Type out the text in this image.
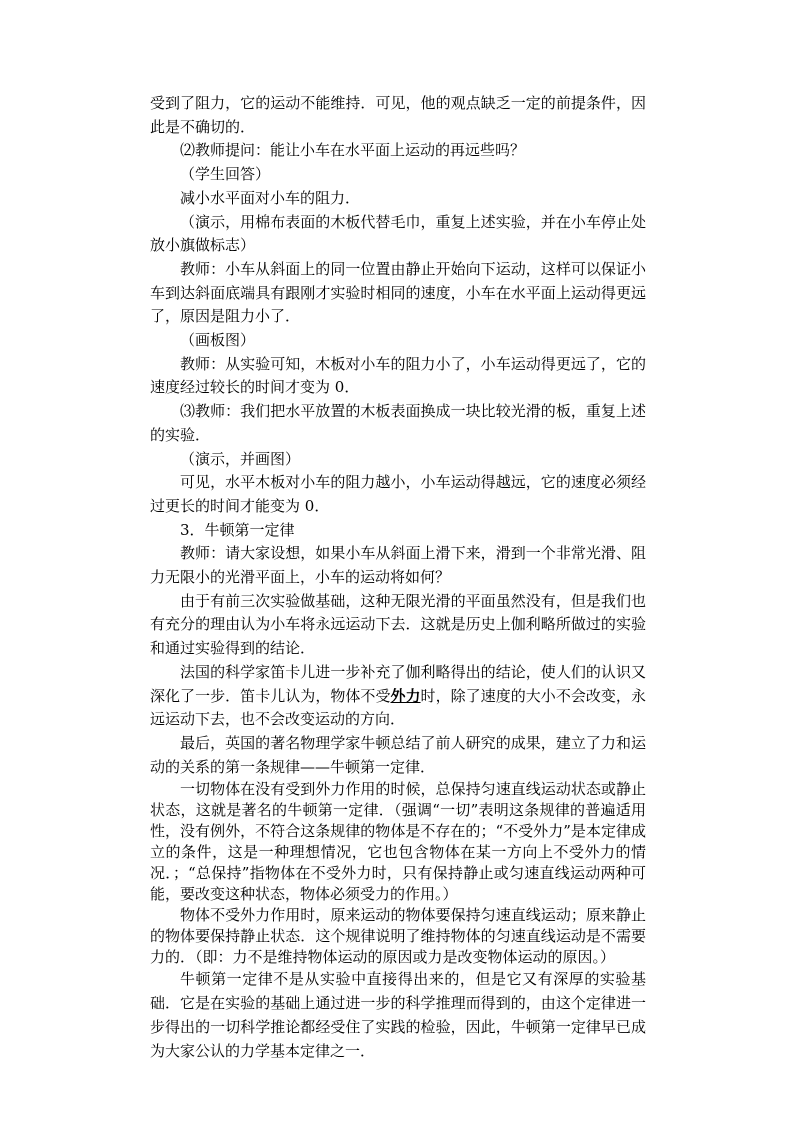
受到了阻力，它的运动不能维持．可见，他的观点缺乏一定的前提条件，因此是不确切的．

⑵教师提问：能让小车在水平面上运动的再远些吗？

（学生回答）

减小水平面对小车的阻力．

（演示，用棉布表面的木板代替毛巾，重复上述实验，并在小车停止处放小旗做标志）

教师：小车从斜面上的同一位置由静止开始向下运动，这样可以保证小车到达斜面底端具有跟刚才实验时相同的速度，小车在水平面上运动得更远了，原因是阻力小了．

（画板图）

教师：从实验可知，木板对小车的阻力小了，小车运动得更远了，它的速度经过较长的时间才变为 0．

⑶教师：我们把水平放置的木板表面换成一块比较光滑的板，重复上述的实验．

（演示，并画图）

可见，水平木板对小车的阻力越小，小车运动得越远，它的速度必须经过更长的时间才能变为 0．

3．牛顿第一定律

教师：请大家设想，如果小车从斜面上滑下来，滑到一个非常光滑、阻力无限小的光滑平面上，小车的运动将如何？

由于有前三次实验做基础，这种无限光滑的平面虽然没有，但是我们也有充分的理由认为小车将永远运动下去．这就是历史上伽利略所做过的实验和通过实验得到的结论．

法国的科学家笛卡儿进一步补充了伽利略得出的结论，使人们的认识又深化了一步．笛卡儿认为，物体不受外力时，除了速度的大小不会改变，永远运动下去，也不会改变运动的方向．

最后，英国的著名物理学家牛顿总结了前人研究的成果，建立了力和运动的关系的第一条规律——牛顿第一定律．

一切物体在没有受到外力作用的时候，总保持匀速直线运动状态或静止状态，这就是著名的牛顿第一定律．（强调“一切”表明这条规律的普遍适用性，没有例外，不符合这条规律的物体是不存在的；“不受外力”是本定律成立的条件，这是一种理想情况，它也包含物体在某一方向上不受外力的情况．；“总保持”指物体在不受外力时，只有保持静止或匀速直线运动两种可能，要改变这种状态，物体必须受力的作用。）

物体不受外力作用时，原来运动的物体要保持匀速直线运动；原来静止的物体要保持静止状态．这个规律说明了维持物体的匀速直线运动是不需要力的．（即：力不是维持物体运动的原因或力是改变物体运动的原因。）

牛顿第一定律不是从实验中直接得出来的，但是它又有深厚的实验基础．它是在实验的基础上通过进一步的科学推理而得到的，由这个定律进一步得出的一切科学推论都经受住了实践的检验，因此，牛顿第一定律早已成为大家公认的力学基本定律之一．
